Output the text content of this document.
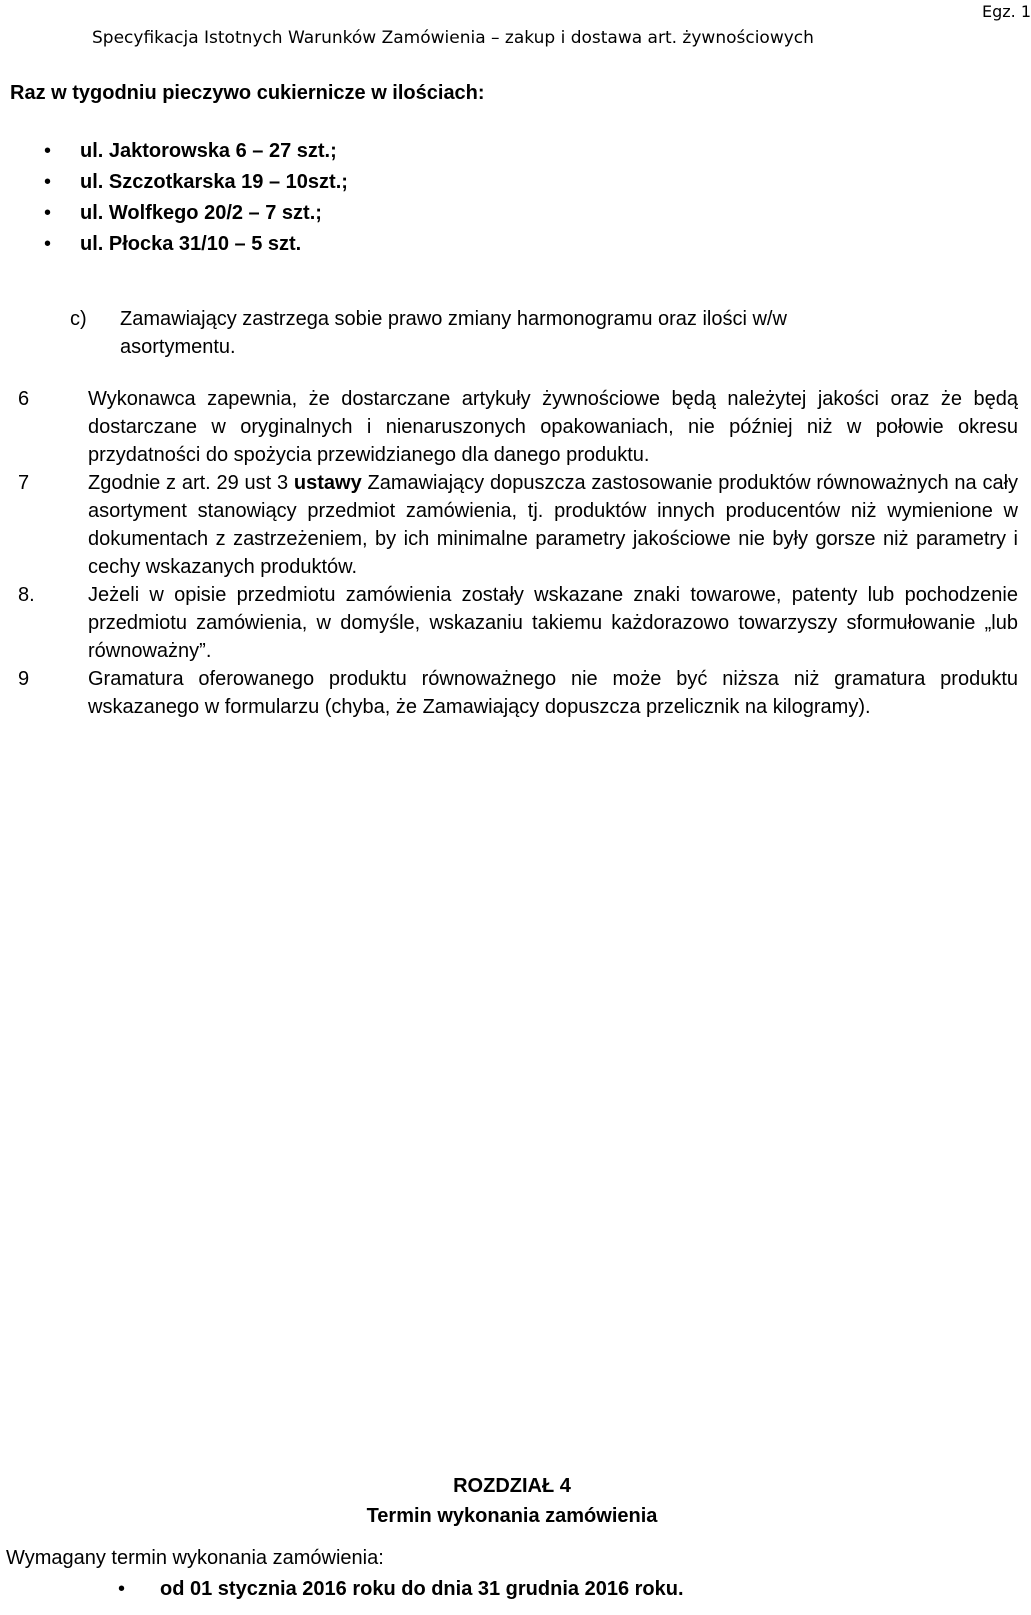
Specyfikacja Istotnych Warunków Zamówienia – zakup i dostawa art. żywnościowych
Egz. 1
Raz w tygodniu pieczywo cukiernicze w ilościach:
• ul. Jaktorowska 6 – 27 szt.;
• ul. Szczotkarska 19 – 10szt.;
• ul. Wolfkego 20/2 – 7 szt.;
• ul. Płocka 31/10 – 5 szt.
c) Zamawiający zastrzega sobie prawo zmiany harmonogramu oraz ilości w/w asortymentu.
6	Wykonawca zapewnia, że dostarczane artykuły żywnościowe będą należytej jakości oraz że będą dostarczane w oryginalnych i nienaruszonych opakowaniach, nie później niż w połowie okresu przydatności do spożycia przewidzianego dla danego produktu.
7	Zgodnie z art. 29 ust 3 ustawy Zamawiający dopuszcza zastosowanie produktów równoważnych na cały asortyment stanowiący przedmiot zamówienia, tj. produktów innych producentów niż wymienione w dokumentach z zastrzeżeniem, by ich minimalne parametry jakościowe nie były gorsze niż parametry i cechy wskazanych produktów.
8.	Jeżeli w opisie przedmiotu zamówienia zostały wskazane znaki towarowe, patenty lub pochodzenie przedmiotu zamówienia, w domyśle, wskazaniu takiemu każdorazowo towarzyszy sformułowanie „lub równoważny”.
9	Gramatura oferowanego produktu równoważnego nie może być niższa niż gramatura produktu wskazanego w formularzu (chyba, że Zamawiający dopuszcza przelicznik na kilogramy).
ROZDZIAŁ 4
Termin wykonania zamówienia
Wymagany termin wykonania zamówienia:
• od 01 stycznia 2016 roku do dnia 31 grudnia 2016 roku.
